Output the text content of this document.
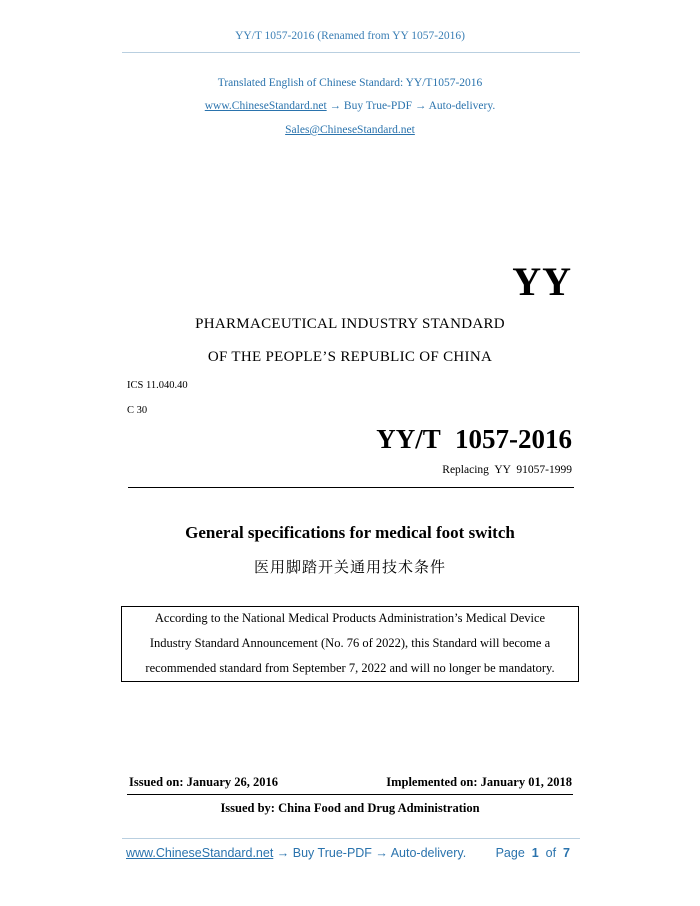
YY/T 1057-2016 (Renamed from YY 1057-2016)
Translated English of Chinese Standard: YY/T1057-2016
www.ChineseStandard.net → Buy True-PDF → Auto-delivery.
Sales@ChineseStandard.net
YY
PHARMACEUTICAL INDUSTRY STANDARD
OF THE PEOPLE’S REPUBLIC OF CHINA
ICS 11.040.40
C 30
YY/T 1057-2016
Replacing YY 91057-1999
General specifications for medical foot switch
医用脚踏开关通用技术条件
According to the National Medical Products Administration’s Medical Device
Industry Standard Announcement (No. 76 of 2022), this Standard will become a
recommended standard from September 7, 2022 and will no longer be mandatory.
Issued on: January 26, 2016	Implemented on: January 01, 2018
Issued by: China Food and Drug Administration
www.ChineseStandard.net → Buy True-PDF → Auto-delivery. Page 1 of 7
